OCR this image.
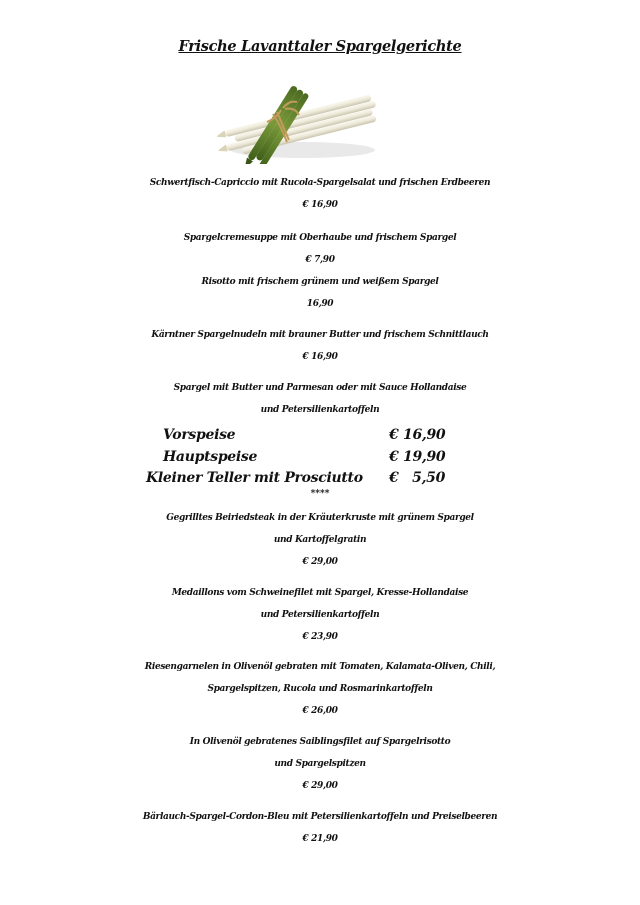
Frische Lavanttaler Spargelgerichte
Schwertfisch-Capriccio mit Rucola-Spargelsalat und frischen Erdbeeren
€ 16,90
Spargelcremesuppe mit Oberhaube und frischem Spargel
€ 7,90
Risotto mit frischem grünem und weißem Spargel
16,90
Kärntner Spargelnudeln mit brauner Butter und frischem Schnittlauch
€ 16,90
Spargel mit Butter und Parmesan oder mit Sauce Hollandaise
und Petersilienkartoffeln
Vorspeise	€ 16,90
Hauptspeise	€ 19,90
Kleiner Teller mit Prosciutto €   5,50
****
Gegrilltes Beiriedsteak in der Kräuterkruste mit grünem Spargel
und Kartoffelgratin
€ 29,00
Medaillons vom Schweinefilet mit Spargel, Kresse-Hollandaise
und Petersilienkartoffeln
€ 23,90
Riesengarnelen in Olivenöl gebraten mit Tomaten, Kalamata-Oliven, Chili,
Spargelspitzen, Rucola und Rosmarinkartoffeln
€ 26,00
In Olivenöl gebratenes Saiblingsfilet auf Spargelrisotto
und Spargelspitzen
€ 29,00
Bärlauch-Spargel-Cordon-Bleu mit Petersilienkartoffeln und Preiselbeeren
€ 21,90
